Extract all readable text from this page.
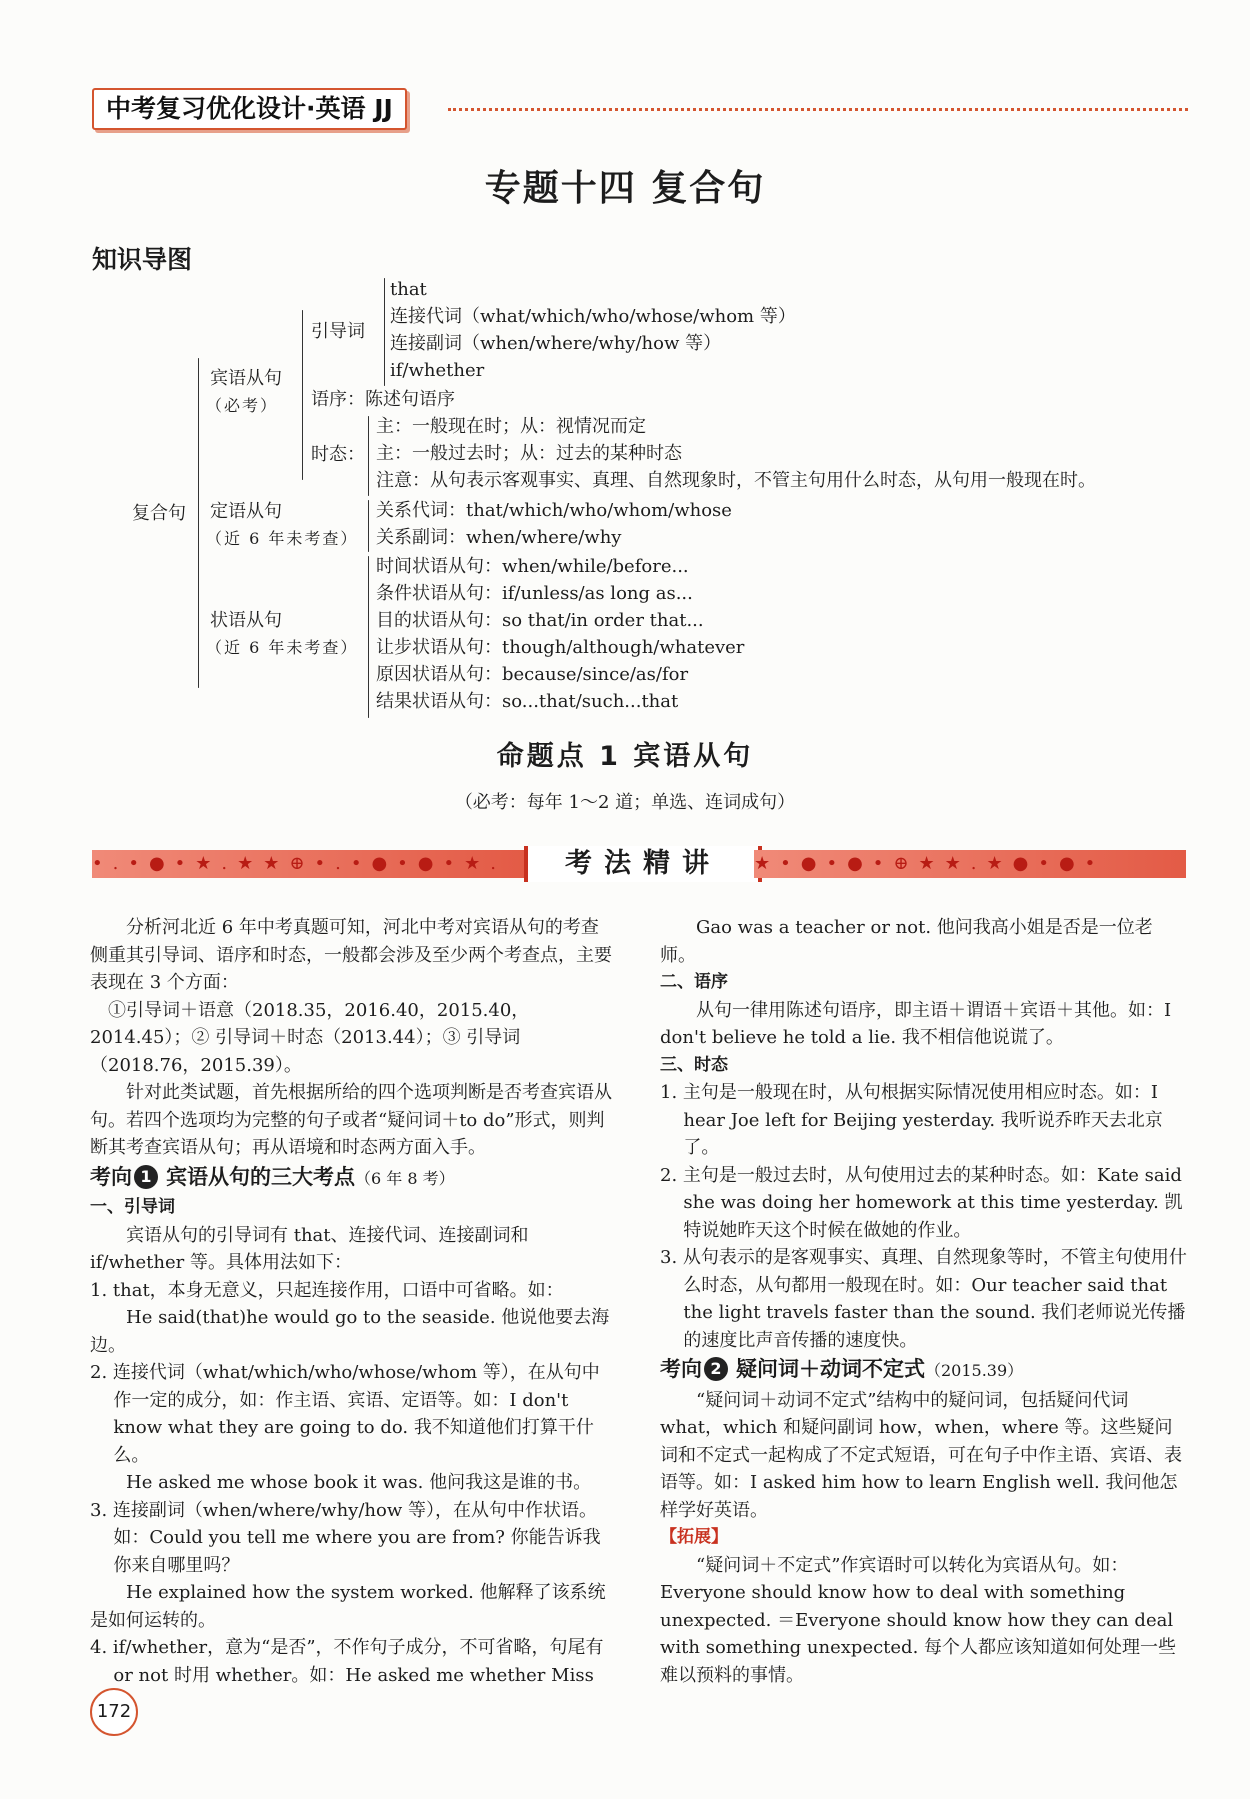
中考复习优化设计·英语 JJ
专题十四 复合句
知识导图
复合句
宾语从句
（必考）
引导词
that
连接代词（what/which/who/whose/whom 等）
连接副词（when/where/why/how 等）
if/whether
语序：陈述句语序
时态：
主：一般现在时；从：视情况而定
主：一般过去时；从：过去的某种时态
注意：从句表示客观事实、真理、自然现象时，不管主句用什么时态，从句用一般现在时。
定语从句
（近 6 年未考查）
关系代词：that/which/who/whom/whose
关系副词：when/where/why
状语从句
（近 6 年未考查）
时间状语从句：when/while/before...
条件状语从句：if/unless/as long as...
目的状语从句：so that/in order that...
让步状语从句：though/although/whatever
原因状语从句：because/since/as/for
结果状语从句：so...that/such...that
命题点 1 宾语从句
（必考：每年 1～2 道；单选、连词成句）
•.•●•★.★★⊕•.•●•●•★.	考法精讲	★•●•●•⊕★★.★●•●•

分析河北近 6 年中考真题可知，河北中考对宾语从句的考查侧重其引导词、语序和时态，一般都会涉及至少两个考查点，主要表现在 3 个方面：

①引导词＋语意（2018.35，2016.40，2015.40，2014.45）；② 引导词＋时态（2013.44）；③ 引导词（2018.76，2015.39）。

针对此类试题，首先根据所给的四个选项判断是否考查宾语从句。若四个选项均为完整的句子或者“疑问词＋to do”形式，则判断其考查宾语从句；再从语境和时态两方面入手。

考向 1 宾语从句的三大考点（6 年 8 考）

一、引导词

宾语从句的引导词有 that、连接代词、连接副词和 if/whether 等。具体用法如下：

1. that，本身无意义，只起连接作用，口语中可省略。如：

He said(that)he would go to the seaside. 他说他要去海边。

2. 连接代词（what/which/who/whose/whom 等），在从句中作一定的成分，如：作主语、宾语、定语等。如：I don't know what they are going to do. 我不知道他们打算干什么。

He asked me whose book it was. 他问我这是谁的书。

3. 连接副词（when/where/why/how 等），在从句中作状语。如：Could you tell me where you are from? 你能告诉我你来自哪里吗？

He explained how the system worked. 他解释了该系统是如何运转的。

4. if/whether，意为“是否”，不作句子成分，不可省略，句尾有 or not 时用 whether。如：He asked me whether Miss

Gao was a teacher or not. 他问我高小姐是否是一位老师。

二、语序

从句一律用陈述句语序，即主语＋谓语＋宾语＋其他。如：I don't believe he told a lie. 我不相信他说谎了。

三、时态

1. 主句是一般现在时，从句根据实际情况使用相应时态。如：I hear Joe left for Beijing yesterday. 我听说乔昨天去北京了。

2. 主句是一般过去时，从句使用过去的某种时态。如：Kate said she was doing her homework at this time yesterday. 凯特说她昨天这个时候在做她的作业。

3. 从句表示的是客观事实、真理、自然现象等时，不管主句使用什么时态，从句都用一般现在时。如：Our teacher said that the light travels faster than the sound. 我们老师说光传播的速度比声音传播的速度快。

考向 2 疑问词＋动词不定式（2015.39）

“疑问词＋动词不定式”结构中的疑问词，包括疑问代词 what，which 和疑问副词 how，when，where 等。这些疑问词和不定式一起构成了不定式短语，可在句子中作主语、宾语、表语等。如：I asked him how to learn English well. 我问他怎样学好英语。

【拓展】

“疑问词＋不定式”作宾语时可以转化为宾语从句。如：Everyone should know how to deal with something unexpected. ＝Everyone should know how they can deal with something unexpected. 每个人都应该知道如何处理一些难以预料的事情。

172
